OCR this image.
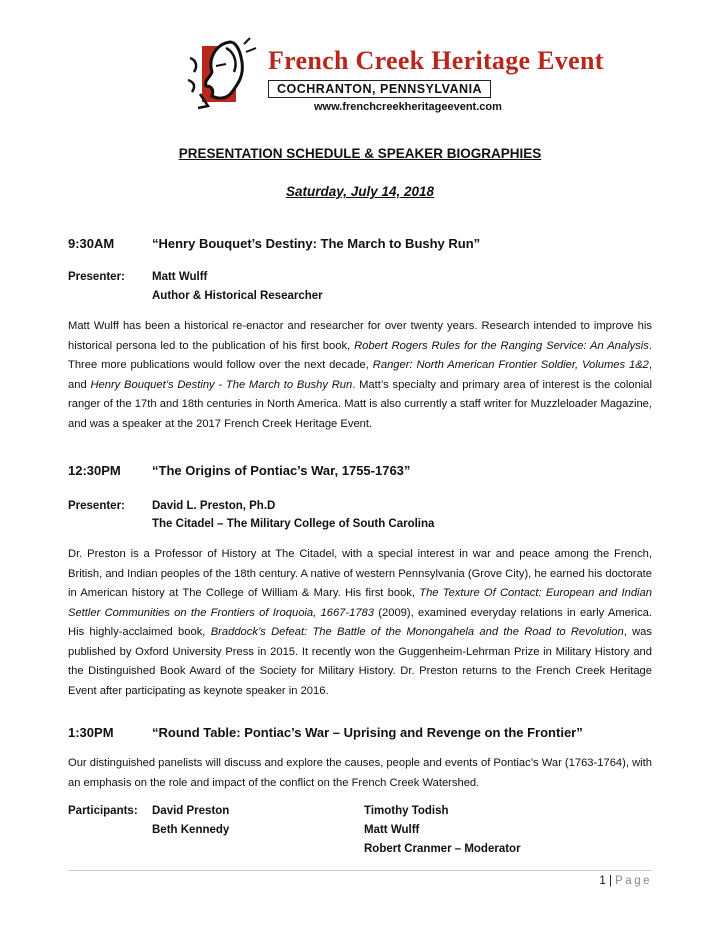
French Creek Heritage Event
COCHRANTON, PENNSYLVANIA
www.frenchcreekheritageevent.com
PRESENTATION SCHEDULE & SPEAKER BIOGRAPHIES
Saturday, July 14, 2018
9:30AM	“Henry Bouquet’s Destiny: The March to Bushy Run”
Presenter: Matt Wulff
Author & Historical Researcher

Matt Wulff has been a historical re-enactor and researcher for over twenty years. Research intended to improve his historical persona led to the publication of his first book, Robert Rogers Rules for the Ranging Service: An Analysis. Three more publications would follow over the next decade, Ranger: North American Frontier Soldier, Volumes 1&2, and Henry Bouquet’s Destiny - The March to Bushy Run. Matt’s specialty and primary area of interest is the colonial ranger of the 17th and 18th centuries in North America. Matt is also currently a staff writer for Muzzleloader Magazine, and was a speaker at the 2017 French Creek Heritage Event.

12:30PM “The Origins of Pontiac’s War, 1755-1763”
Presenter: David L. Preston, Ph.D
The Citadel – The Military College of South Carolina

Dr. Preston is a Professor of History at The Citadel, with a special interest in war and peace among the French, British, and Indian peoples of the 18th century. A native of western Pennsylvania (Grove City), he earned his doctorate in American history at The College of William & Mary. His first book, The Texture Of Contact: European and Indian Settler Communities on the Frontiers of Iroquoia, 1667-1783 (2009), examined everyday relations in early America. His highly-acclaimed book, Braddock’s Defeat: The Battle of the Monongahela and the Road to Revolution, was published by Oxford University Press in 2015. It recently won the Guggenheim-Lehrman Prize in Military History and the Distinguished Book Award of the Society for Military History. Dr. Preston returns to the French Creek Heritage Event after participating as keynote speaker in 2016.

1:30PM	“Round Table: Pontiac’s War – Uprising and Revenge on the Frontier”

Our distinguished panelists will discuss and explore the causes, people and events of Pontiac’s War (1763-1764), with an emphasis on the role and impact of the conflict on the French Creek Watershed.

Participants: David Preston
Beth Kennedy
Timothy Todish
Matt Wulff
Robert Cranmer – Moderator
1 | Page
